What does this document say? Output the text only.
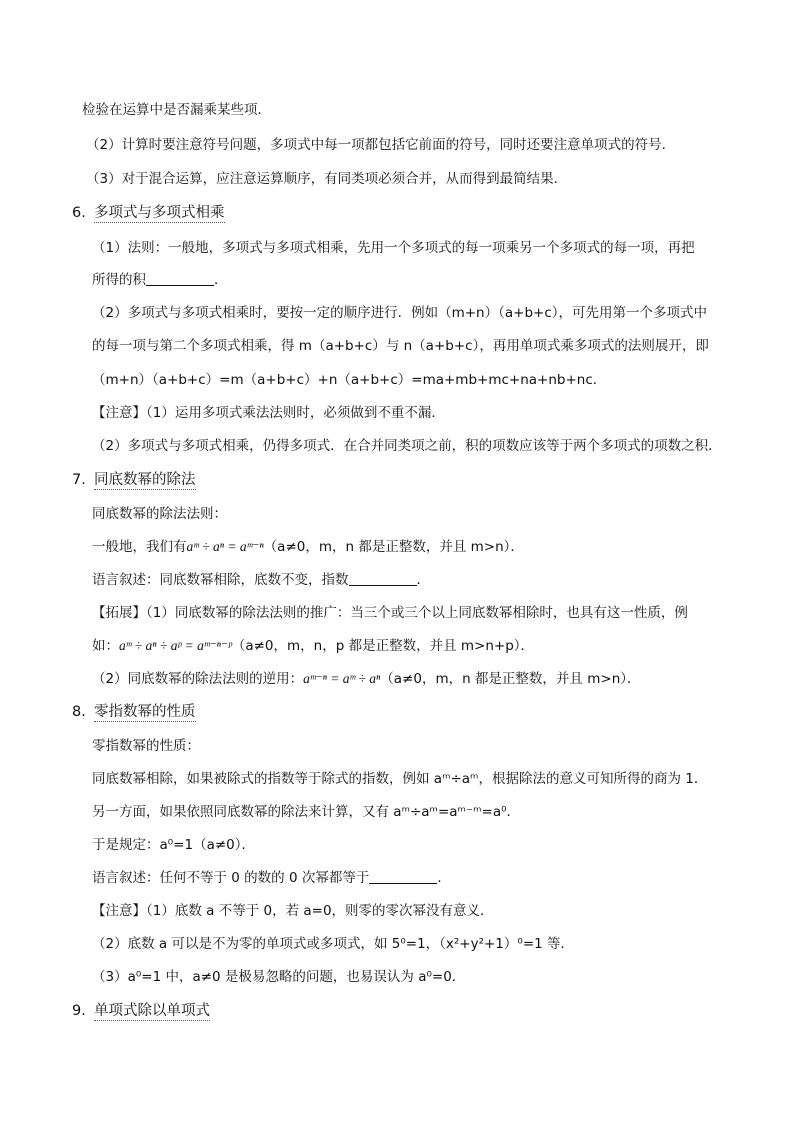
检验在运算中是否漏乘某些项．
（2）计算时要注意符号问题，多项式中每一项都包括它前面的符号，同时还要注意单项式的符号．
（3）对于混合运算，应注意运算顺序，有同类项必须合并，从而得到最简结果．
6. 多项式与多项式相乘
（1）法则：一般地，多项式与多项式相乘，先用一个多项式的每一项乘另一个多项式的每一项，再把
所得的积	．
（2）多项式与多项式相乘时，要按一定的顺序进行．例如（m+n）（a+b+c），可先用第一个多项式中
的每一项与第二个多项式相乘，得 m（a+b+c）与 n（a+b+c），再用单项式乘多项式的法则展开，即
（m+n）（a+b+c）=m（a+b+c）+n（a+b+c）=ma+mb+mc+na+nb+nc．
【注意】（1）运用多项式乘法法则时，必须做到不重不漏．
（2）多项式与多项式相乘，仍得多项式．在合并同类项之前，积的项数应该等于两个多项式的项数之积．
7. 同底数幂的除法
同底数幂的除法法则：
一般地，我们有aᵐ ÷ aⁿ = aᵐ⁻ⁿ（a≠0，m，n 都是正整数，并且 m>n）．
语言叙述：同底数幂相除，底数不变，指数	．
【拓展】（1）同底数幂的除法法则的推广：当三个或三个以上同底数幂相除时，也具有这一性质，例
如：aᵐ ÷ aⁿ ÷ aᵖ = aᵐ⁻ⁿ⁻ᵖ（a≠0，m，n，p 都是正整数，并且 m>n+p）．
（2）同底数幂的除法法则的逆用：aᵐ⁻ⁿ = aᵐ ÷ aⁿ（a≠0，m，n 都是正整数，并且 m>n）．
8. 零指数幂的性质
零指数幂的性质：
同底数幂相除，如果被除式的指数等于除式的指数，例如 aᵐ÷aᵐ，根据除法的意义可知所得的商为 1．
另一方面，如果依照同底数幂的除法来计算，又有 aᵐ÷aᵐ=aᵐ⁻ᵐ=a⁰．
于是规定：a⁰=1（a≠0）．
语言叙述：任何不等于 0 的数的 0 次幂都等于	．
【注意】（1）底数 a 不等于 0，若 a=0，则零的零次幂没有意义．
（2）底数 a 可以是不为零的单项式或多项式，如 5⁰=1，（x²+y²+1）⁰=1 等．
（3）a⁰=1 中，a≠0 是极易忽略的问题，也易误认为 a⁰=0．
9. 单项式除以单项式
